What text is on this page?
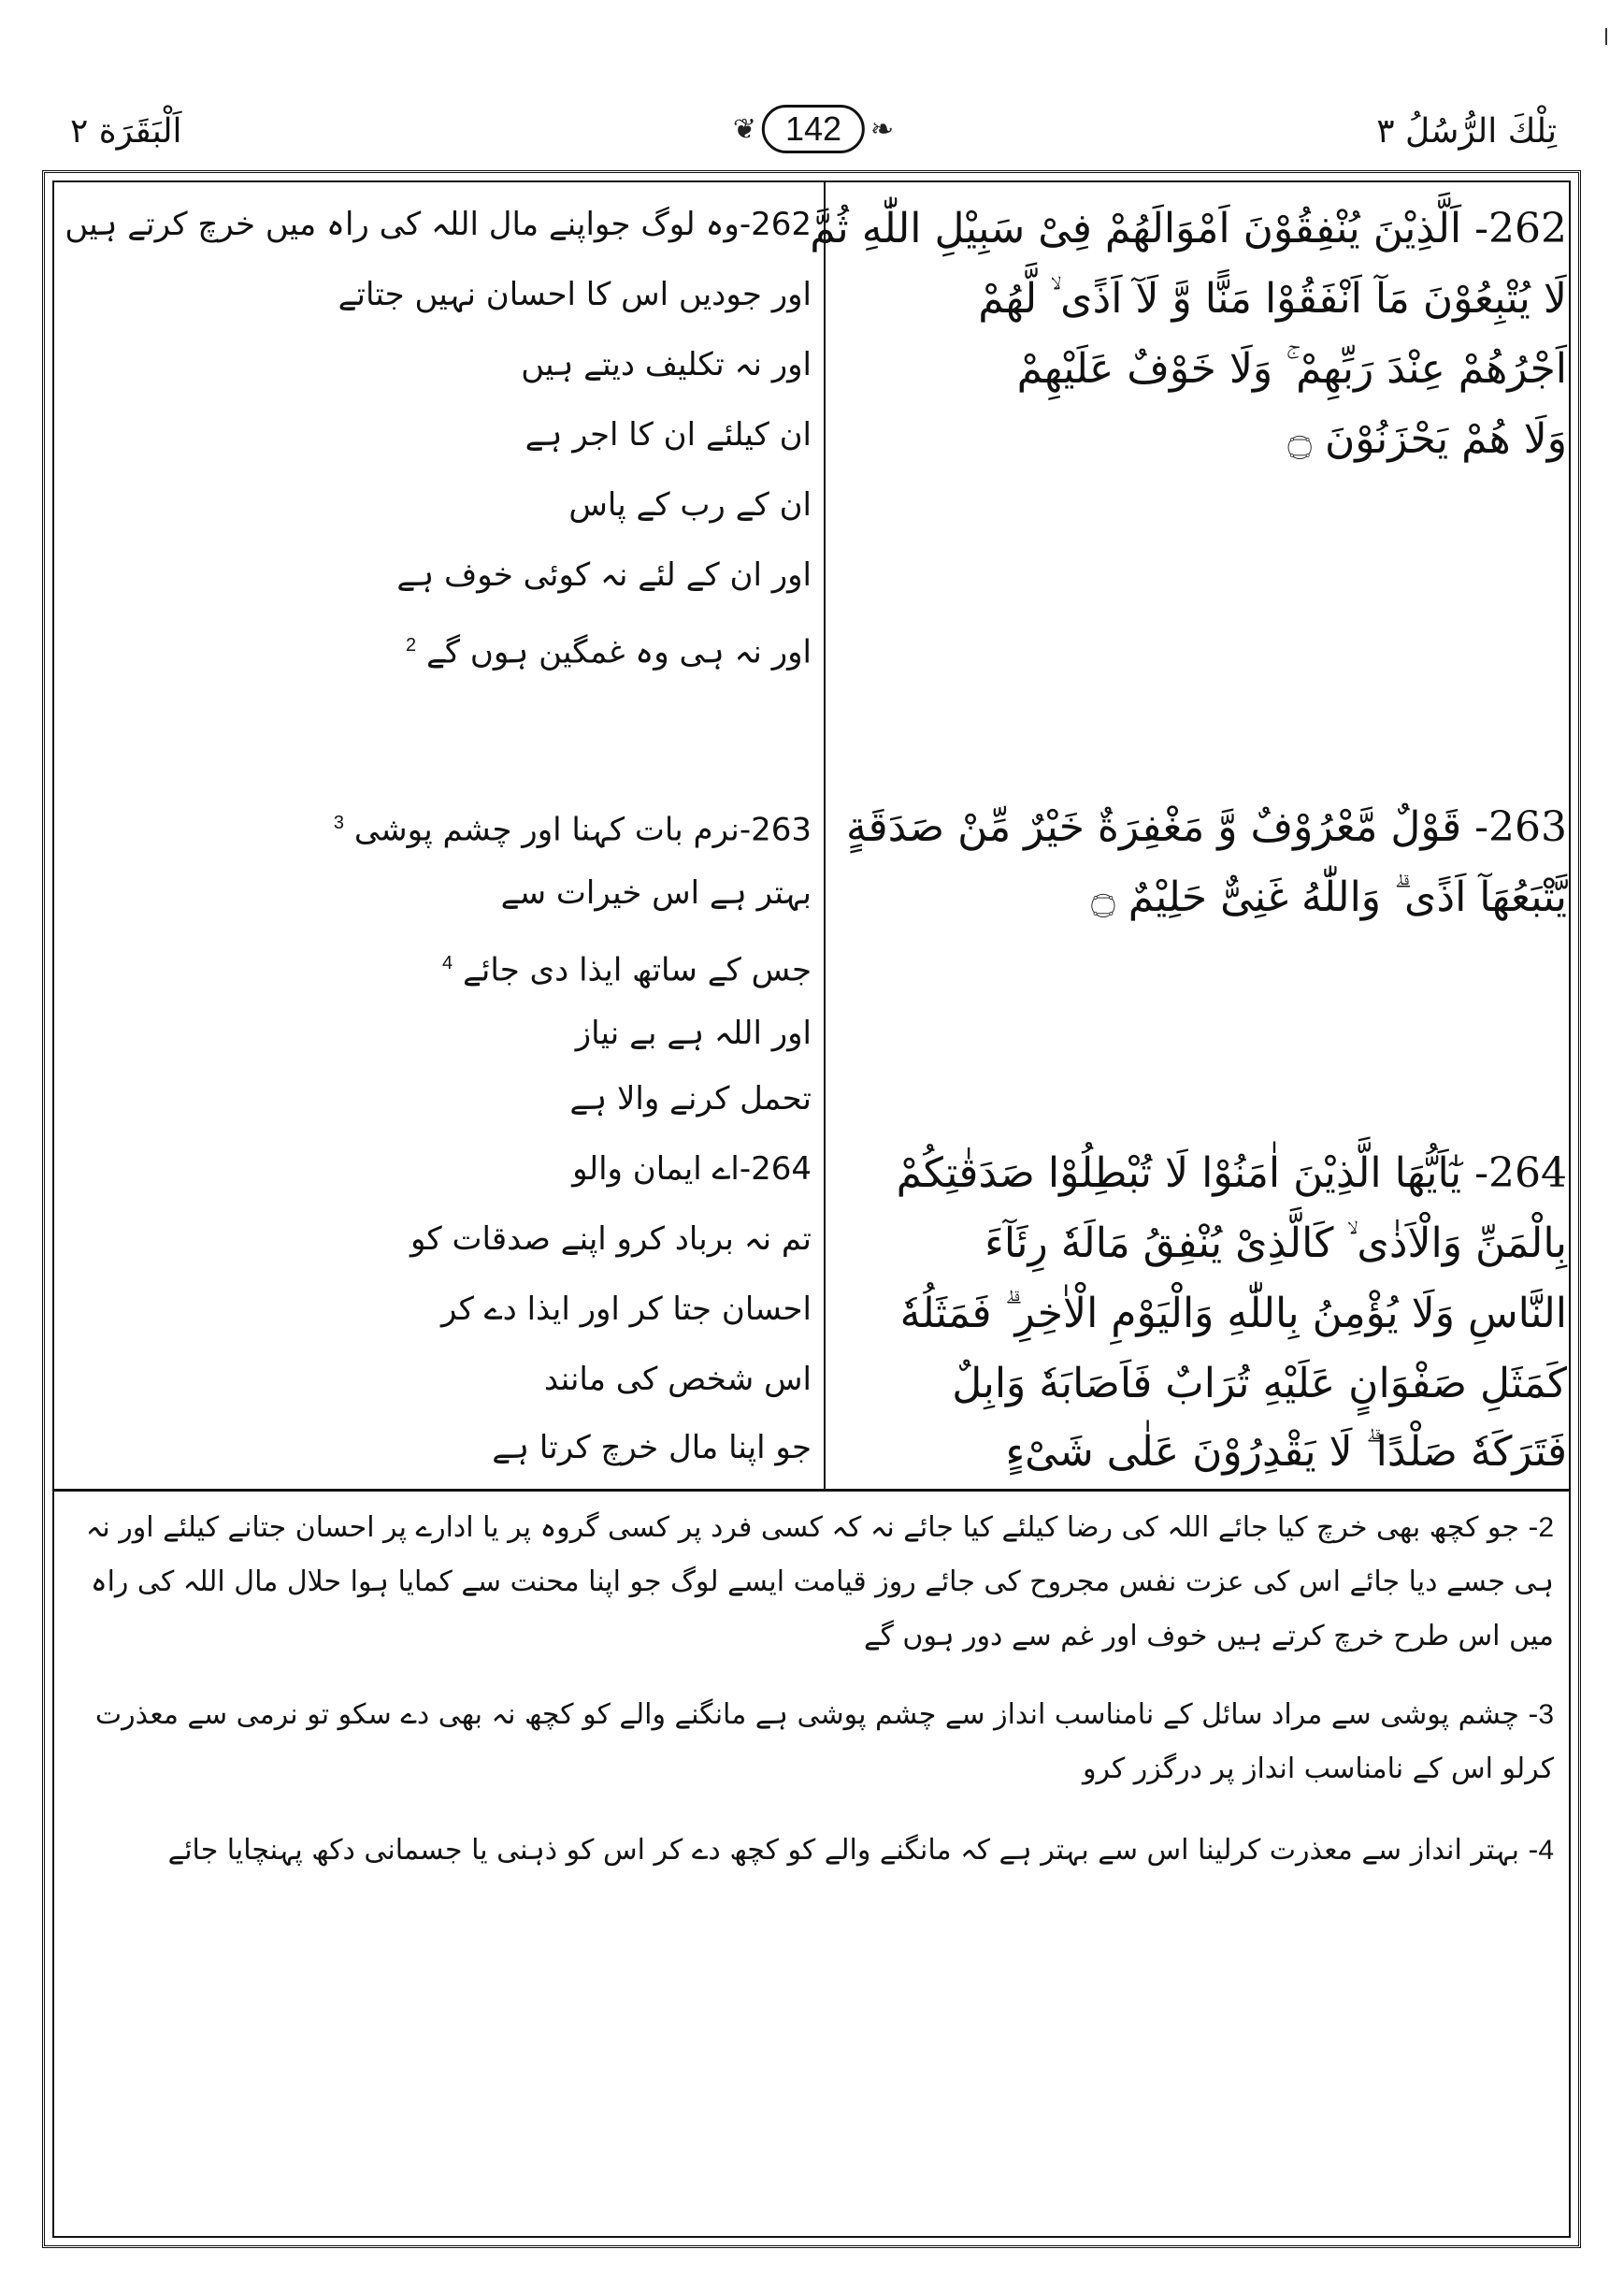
اَلْبَقَرَة ۲	❦ 142	❧	تِلْكَ الرُّسُلُ ۳
262- اَلَّذِیْنَ یُنْفِقُوْنَ اَمْوَالَهُمْ فِیْ سَبِیْلِ اللّٰهِ ثُمَّ
لَا یُتْبِعُوْنَ مَآ اَنْفَقُوْا مَنًّا وَّ لَآ اَذًى ۙ لَّهُمْ
اَجْرُهُمْ عِنْدَ رَبِّهِمْ ۚ وَلَا خَوْفٌ عَلَیْهِمْ
وَلَا هُمْ یَحْزَنُوْنَ ۝
263- قَوْلٌ مَّعْرُوْفٌ وَّ مَغْفِرَةٌ خَیْرٌ مِّنْ صَدَقَةٍ
یَّتْبَعُهَآ اَذًى ۗ وَاللّٰهُ غَنِیٌّ حَلِیْمٌ ۝
264- یٰٓاَیُّهَا الَّذِیْنَ اٰمَنُوْا لَا تُبْطِلُوْا صَدَقٰتِكُمْ
بِالْمَنِّ وَالْاَذٰى ۙ كَالَّذِیْ یُنْفِقُ مَالَهٗ رِئَآءَ
النَّاسِ وَلَا یُؤْمِنُ بِاللّٰهِ وَالْیَوْمِ الْاٰخِرِ ۗ فَمَثَلُهٗ
كَمَثَلِ صَفْوَانٍ عَلَیْهِ تُرَابٌ فَاَصَابَهٗ وَابِلٌ
فَتَرَكَهٗ صَلْدًا ۗ لَا یَقْدِرُوْنَ عَلٰى شَیْءٍ
262-وہ لوگ جواپنے مال اللہ کی راہ میں خرچ کرتے ہیں
اور جودیں اس کا احسان نہیں جتاتے
اور نہ تکلیف دیتے ہیں
ان کیلئے ان کا اجر ہے
ان کے رب کے پاس
اور ان کے لئے نہ کوئی خوف ہے
اور نہ ہی وہ غمگین ہوں گے $^2$
263-نرم بات کہنا اور چشم پوشی $^3$
بہتر ہے اس خیرات سے
جس کے ساتھ ایذا دی جائے $^4$
اور اللہ ہے بے نیاز
تحمل کرنے والا ہے
264-اے ایمان والو
تم نہ برباد کرو اپنے صدقات کو
احسان جتا کر اور ایذا دے کر
اس شخص کی مانند
جو اپنا مال خرچ کرتا ہے
2- جو کچھ بھی خرچ کیا جائے اللہ کی رضا کیلئے کیا جائے نہ کہ کسی فرد پر کسی گروہ پر یا ادارے پر احسان جتانے کیلئے اور نہ ہی جسے دیا جائے اس کی عزت نفس مجروح کی جائے روز قیامت ایسے لوگ جو اپنا محنت سے کمایا ہوا حلال مال اللہ کی راہ میں اس طرح خرچ کرتے ہیں خوف اور غم سے دور ہوں گے
3- چشم پوشی سے مراد سائل کے نامناسب انداز سے چشم پوشی ہے مانگنے والے کو کچھ نہ بھی دے سکو تو نرمی سے معذرت کرلو اس کے نامناسب انداز پر درگزر کرو
4- بہتر انداز سے معذرت کرلینا اس سے بہتر ہے کہ مانگنے والے کو کچھ دے کر اس کو ذہنی یا جسمانی دکھ پہنچایا جائے
